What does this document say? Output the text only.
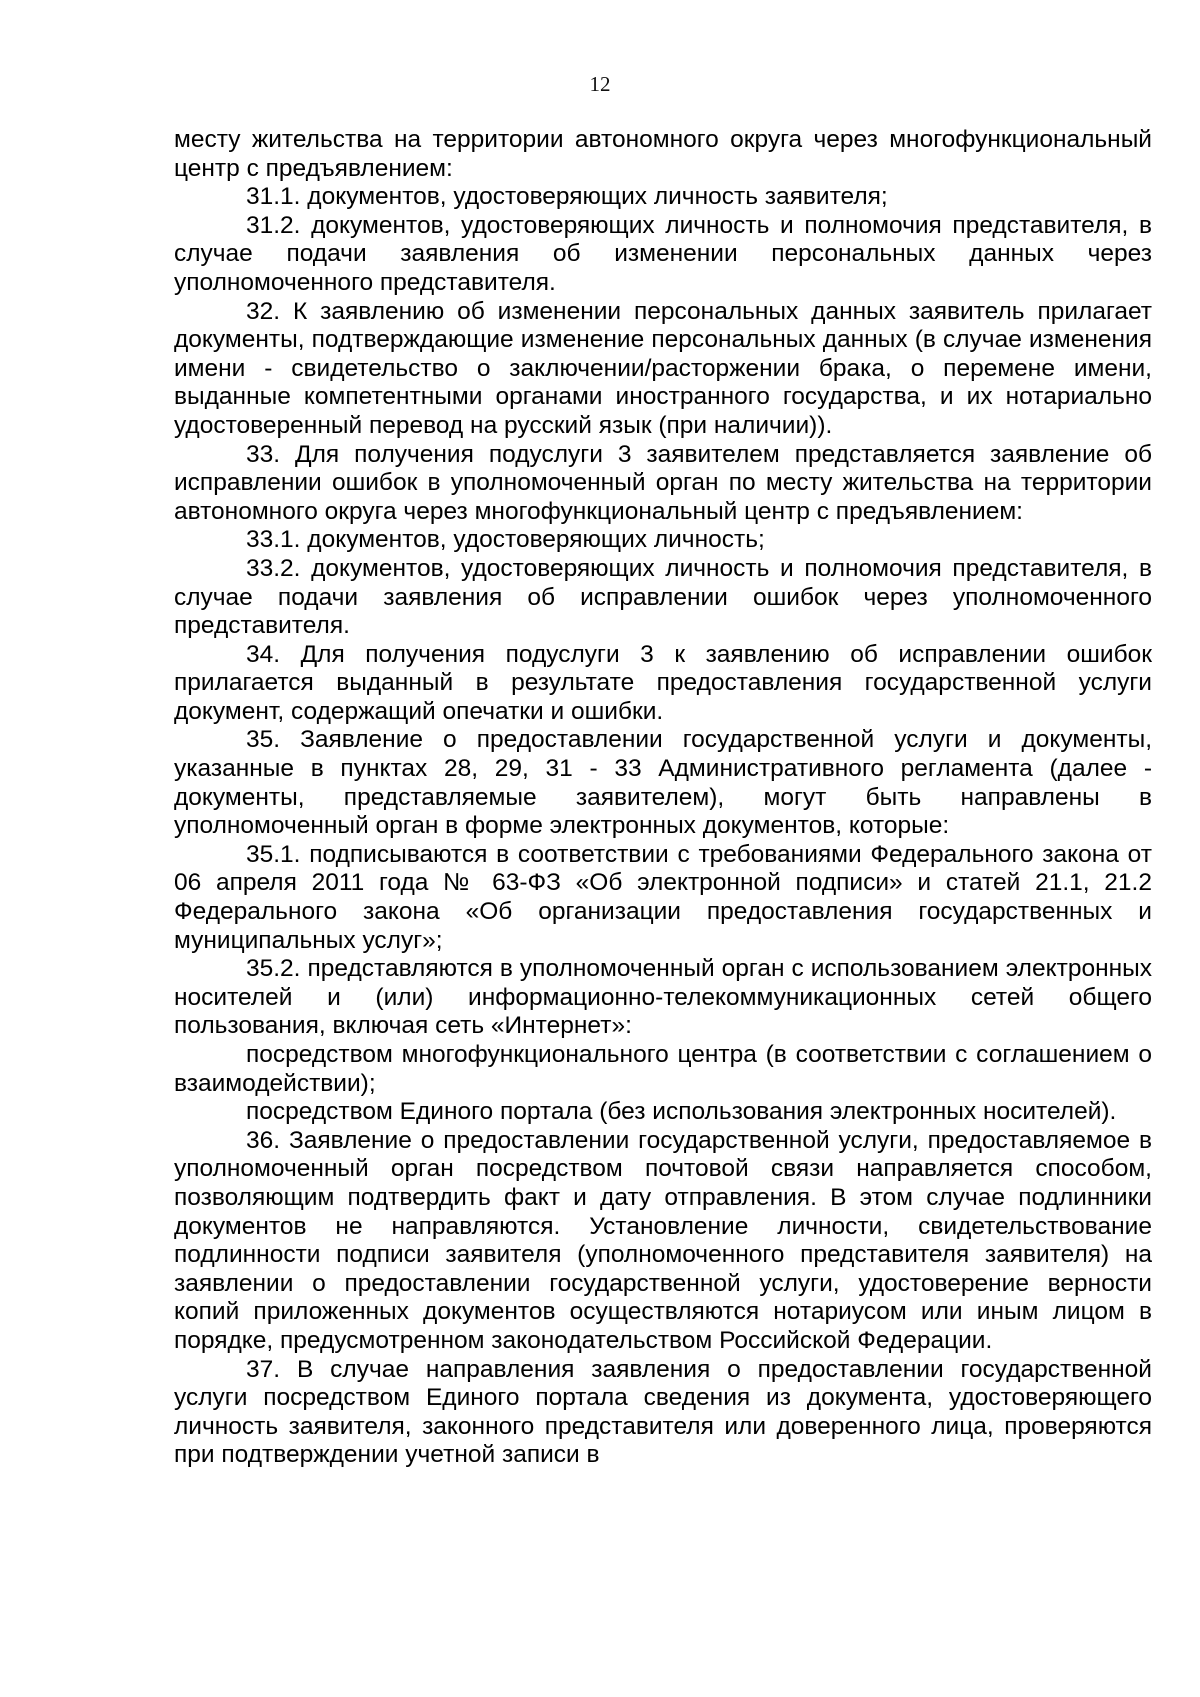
12

месту жительства на территории автономного округа через многофункциональный центр с предъявлением:

31.1. документов, удостоверяющих личность заявителя;

31.2. документов, удостоверяющих личность и полномочия представителя, в случае подачи заявления об изменении персональных данных через уполномоченного представителя.

32. К заявлению об изменении персональных данных заявитель прилагает документы, подтверждающие изменение персональных данных (в случае изменения имени - свидетельство о заключении/расторжении брака, о перемене имени, выданные компетентными органами иностранного государства, и их нотариально удостоверенный перевод на русский язык (при наличии)).

33. Для получения подуслуги 3 заявителем представляется заявление об исправлении ошибок в уполномоченный орган по месту жительства на территории автономного округа через многофункциональный центр с предъявлением:

33.1. документов, удостоверяющих личность;

33.2. документов, удостоверяющих личность и полномочия представителя, в случае подачи заявления об исправлении ошибок через уполномоченного представителя.

34. Для получения подуслуги 3 к заявлению об исправлении ошибок прилагается выданный в результате предоставления государственной услуги документ, содержащий опечатки и ошибки.

35. Заявление о предоставлении государственной услуги и документы, указанные в пунктах 28, 29, 31 - 33 Административного регламента (далее - документы, представляемые заявителем), могут быть направлены в уполномоченный орган в форме электронных документов, которые:

35.1. подписываются в соответствии с требованиями Федерального закона от 06 апреля 2011 года № 63-ФЗ «Об электронной подписи» и статей 21.1, 21.2 Федерального закона «Об организации предоставления государственных и муниципальных услуг»;

35.2. представляются в уполномоченный орган с использованием электронных носителей и (или) информационно-телекоммуникационных сетей общего пользования, включая сеть «Интернет»:

посредством многофункционального центра (в соответствии с соглашением о взаимодействии);

посредством Единого портала (без использования электронных носителей).

36. Заявление о предоставлении государственной услуги, предоставляемое в уполномоченный орган посредством почтовой связи направляется способом, позволяющим подтвердить факт и дату отправления. В этом случае подлинники документов не направляются. Установление личности, свидетельствование подлинности подписи заявителя (уполномоченного представителя заявителя) на заявлении о предоставлении государственной услуги, удостоверение верности копий приложенных документов осуществляются нотариусом или иным лицом в порядке, предусмотренном законодательством Российской Федерации.

37. В случае направления заявления о предоставлении государственной услуги посредством Единого портала сведения из документа, удостоверяющего личность заявителя, законного представителя или доверенного лица, проверяются при подтверждении учетной записи в
